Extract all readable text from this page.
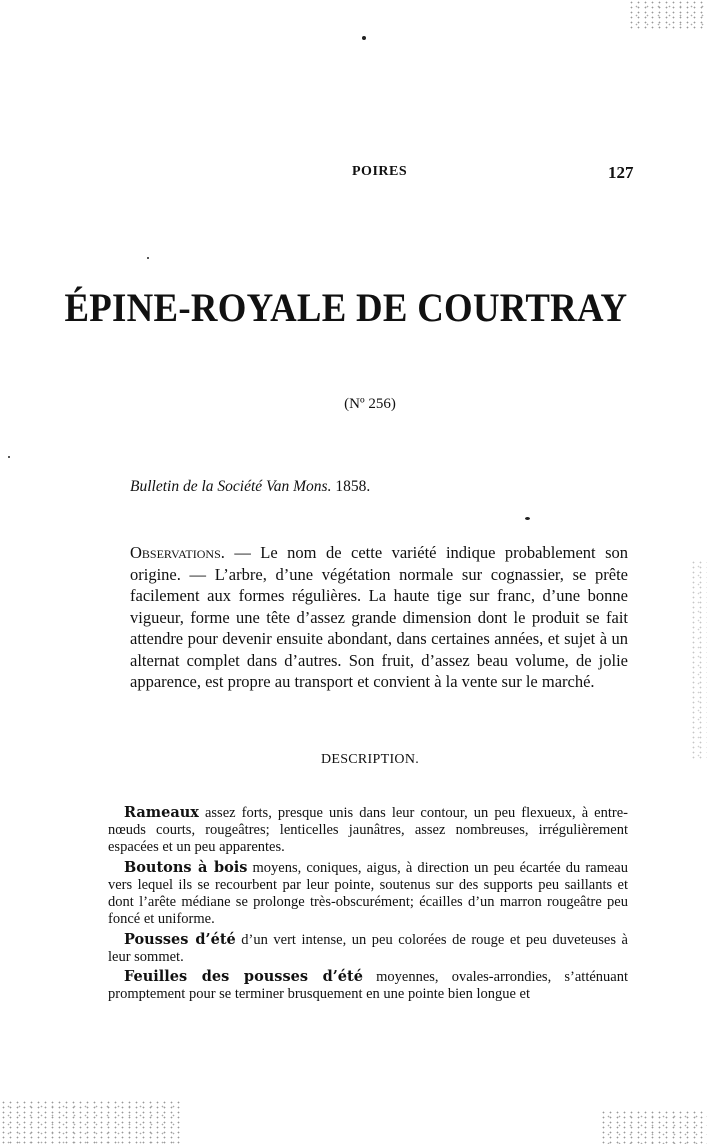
POIRES	127
ÉPINE-ROYALE DE COURTRAY
(Nº 256)
Bulletin de la Société Van Mons. 1858.
Observations. — Le nom de cette variété indique probablement son origine. — L’arbre, d’une végétation normale sur cognassier, se prête facilement aux formes régulières. La haute tige sur franc, d’une bonne vigueur, forme une tête d’assez grande dimension dont le produit se fait attendre pour devenir ensuite abondant, dans certaines années, et sujet à un alternat complet dans d’autres. Son fruit, d’assez beau volume, de jolie apparence, est propre au transport et convient à la vente sur le marché.
DESCRIPTION.
Rameaux assez forts, presque unis dans leur contour, un peu flexueux, à entre-nœuds courts, rougeâtres; lenticelles jaunâtres, assez nombreuses, irrégulièrement espacées et un peu apparentes.
Boutons à bois moyens, coniques, aigus, à direction un peu écartée du rameau vers lequel ils se recourbent par leur pointe, soutenus sur des supports peu saillants et dont l’arête médiane se prolonge très-obscurément; écailles d’un marron rougeâtre peu foncé et uniforme.
Pousses d’été d’un vert intense, un peu colorées de rouge et peu duveteuses à leur sommet.
Feuilles des pousses d’été moyennes, ovales-arrondies, s’atténuant promptement pour se terminer brusquement en une pointe bien longue et
